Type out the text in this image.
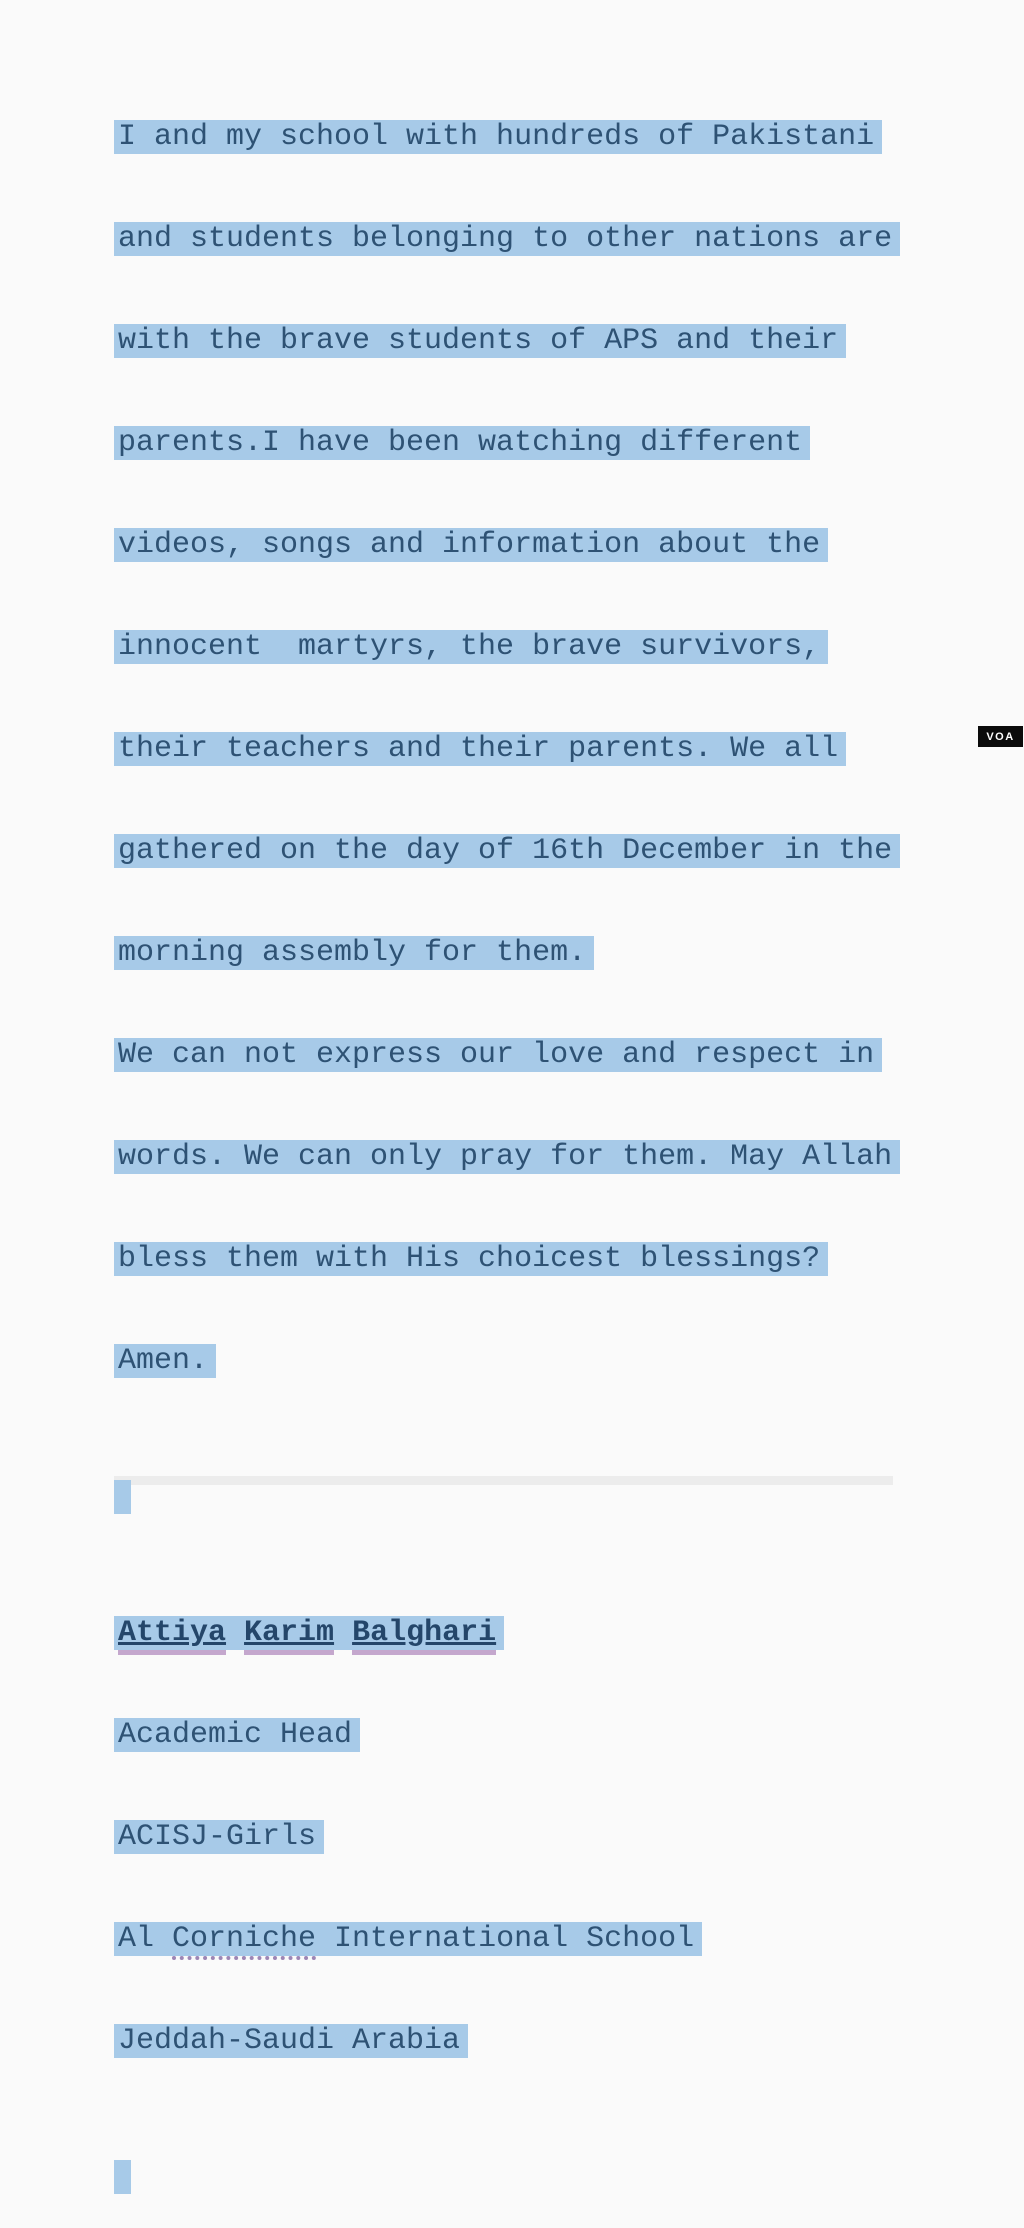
I and my school with hundreds of Pakistani

and students belonging to other nations are

with the brave students of APS and their

parents.I have been watching different

videos, songs and information about the

innocent  martyrs, the brave survivors,

their teachers and their parents. We all

gathered on the day of 16th December in the

morning assembly for them.

We can not express our love and respect in

words. We can only pray for them. May Allah

bless them with His choicest blessings?

Amen.

Attiya Karim Balghari

Academic Head

ACISJ-Girls

Al Corniche International School

Jeddah-Saudi Arabia

VOA
